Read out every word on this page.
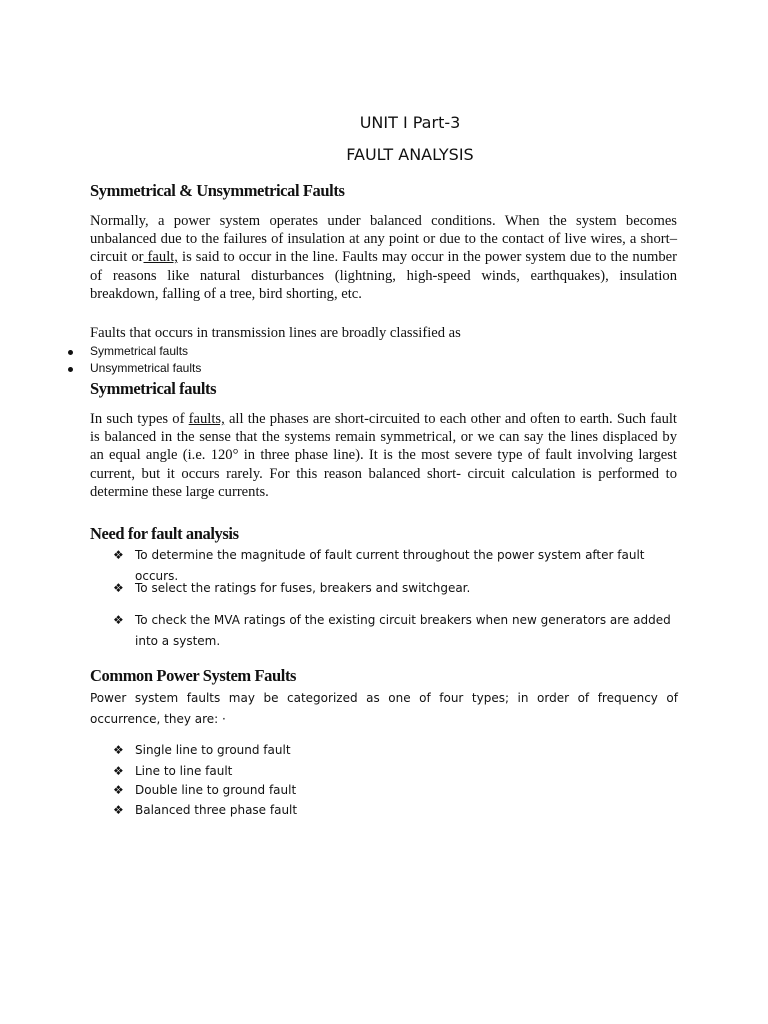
UNIT I Part-3
FAULT ANALYSIS
Symmetrical & Unsymmetrical Faults
Normally, a power system operates under balanced conditions. When the system becomes unbalanced due to the failures of insulation at any point or due to the contact of live wires, a short–circuit or fault, is said to occur in the line. Faults may occur in the power system due to the number of reasons like natural disturbances (lightning, high-speed winds, earthquakes), insulation breakdown, falling of a tree, bird shorting, etc.
Faults that occurs in transmission lines are broadly classified as
Symmetrical faults
Unsymmetrical faults
Symmetrical faults
In such types of faults, all the phases are short-circuited to each other and often to earth. Such fault is balanced in the sense that the systems remain symmetrical, or we can say the lines displaced by an equal angle (i.e. 120° in three phase line). It is the most severe type of fault involving largest current, but it occurs rarely. For this reason balanced short- circuit calculation is performed to determine these large currents.
Need for fault analysis
❖ To determine the magnitude of fault current throughout the power system after fault occurs.
❖ To select the ratings for fuses, breakers and switchgear.
❖ To check the MVA ratings of the existing circuit breakers when new generators are added into a system.
Common Power System Faults
Power system faults may be categorized as one of four types; in order of frequency of occurrence, they are: ·
❖ Single line to ground fault
❖ Line to line fault
❖ Double line to ground fault
❖ Balanced three phase fault
